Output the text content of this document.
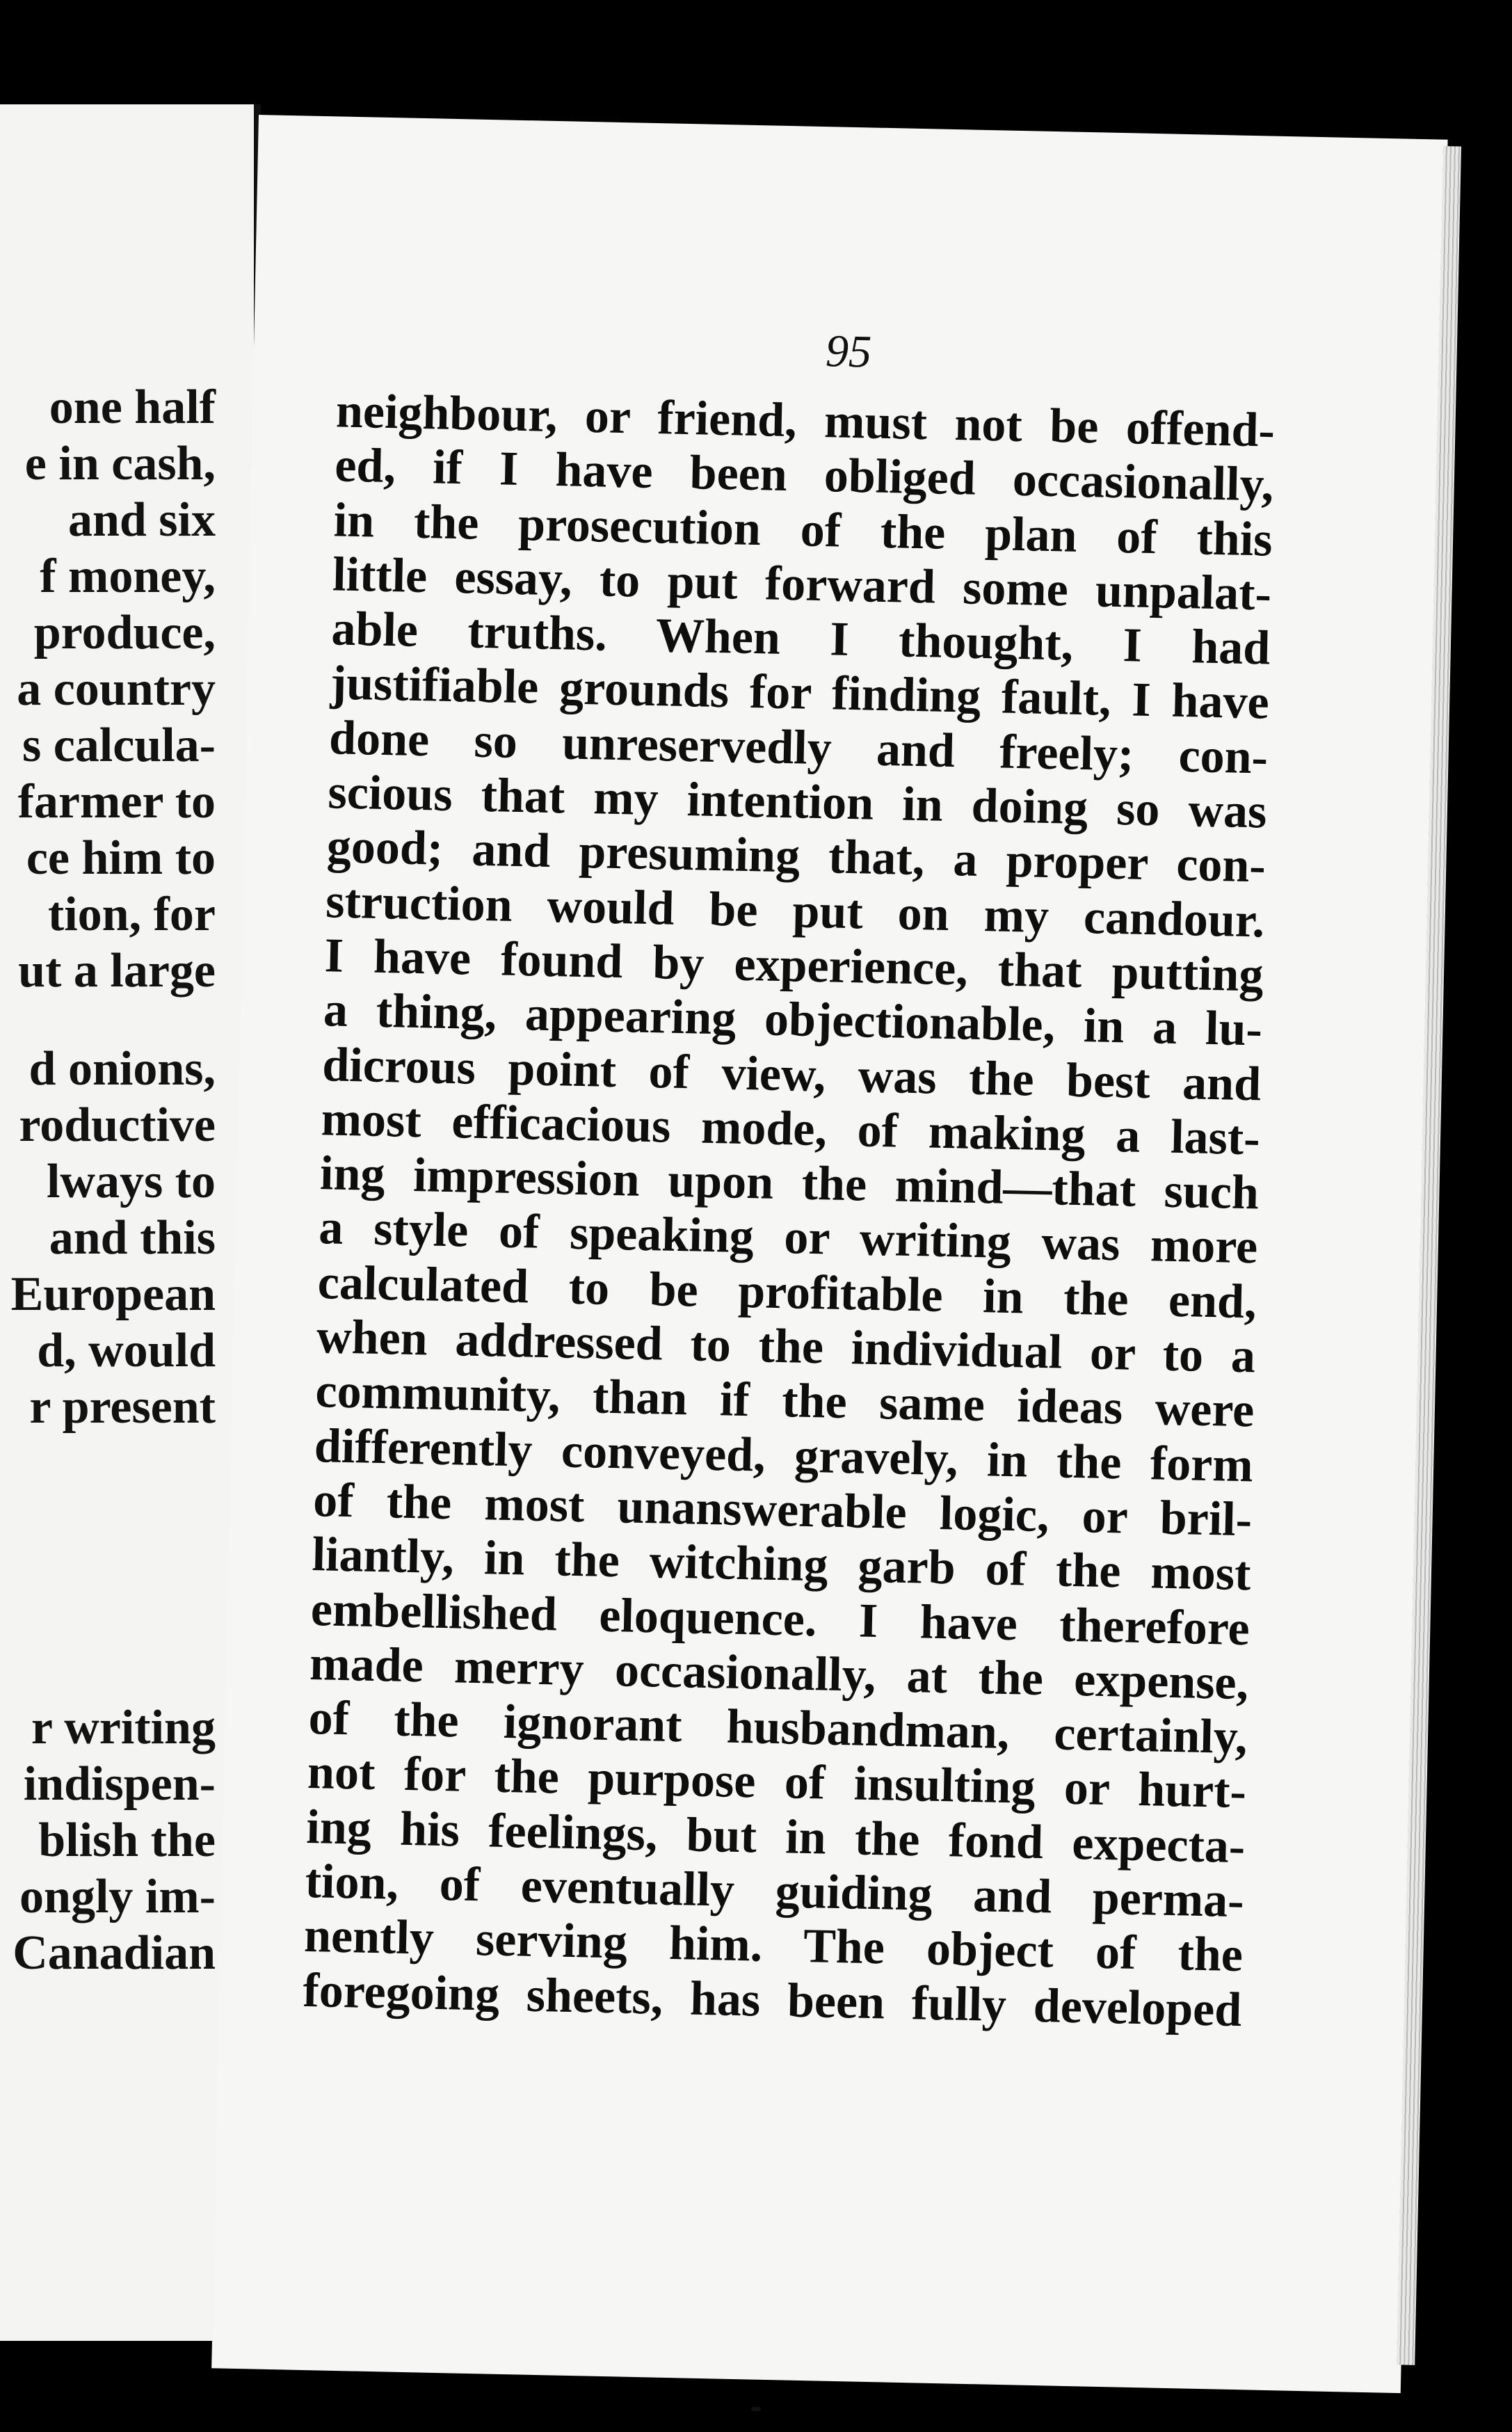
one half
e in cash,
and six
f money,
produce,
a country
s calcula-
farmer to
ce him to
tion, for
ut a large
d onions,
roductive
lways to
and this
European
d, would
r present
r writing
indispen-
blish the
ongly im-
Canadian
95
neighbour, or friend, must not be offend-
ed, if I have been obliged occasionally,
in the prosecution of the plan of this
little essay, to put forward some unpalat-
able truths. When I thought, I had
justifiable grounds for finding fault, I have
done so unreservedly and freely; con-
scious that my intention in doing so was
good; and presuming that, a proper con-
struction would be put on my candour.
I have found by experience, that putting
a thing, appearing objectionable, in a lu-
dicrous point of view, was the best and
most efficacious mode, of making a last-
ing impression upon the mind—that such
a style of speaking or writing was more
calculated to be profitable in the end,
when addressed to the individual or to a
community, than if the same ideas were
differently conveyed, gravely, in the form
of the most unanswerable logic, or bril-
liantly, in the witching garb of the most
embellished eloquence. I have therefore
made merry occasionally, at the expense,
of the ignorant husbandman, certainly,
not for the purpose of insulting or hurt-
ing his feelings, but in the fond expecta-
tion, of eventually guiding and perma-
nently serving him. The object of the
foregoing sheets, has been fully developed
